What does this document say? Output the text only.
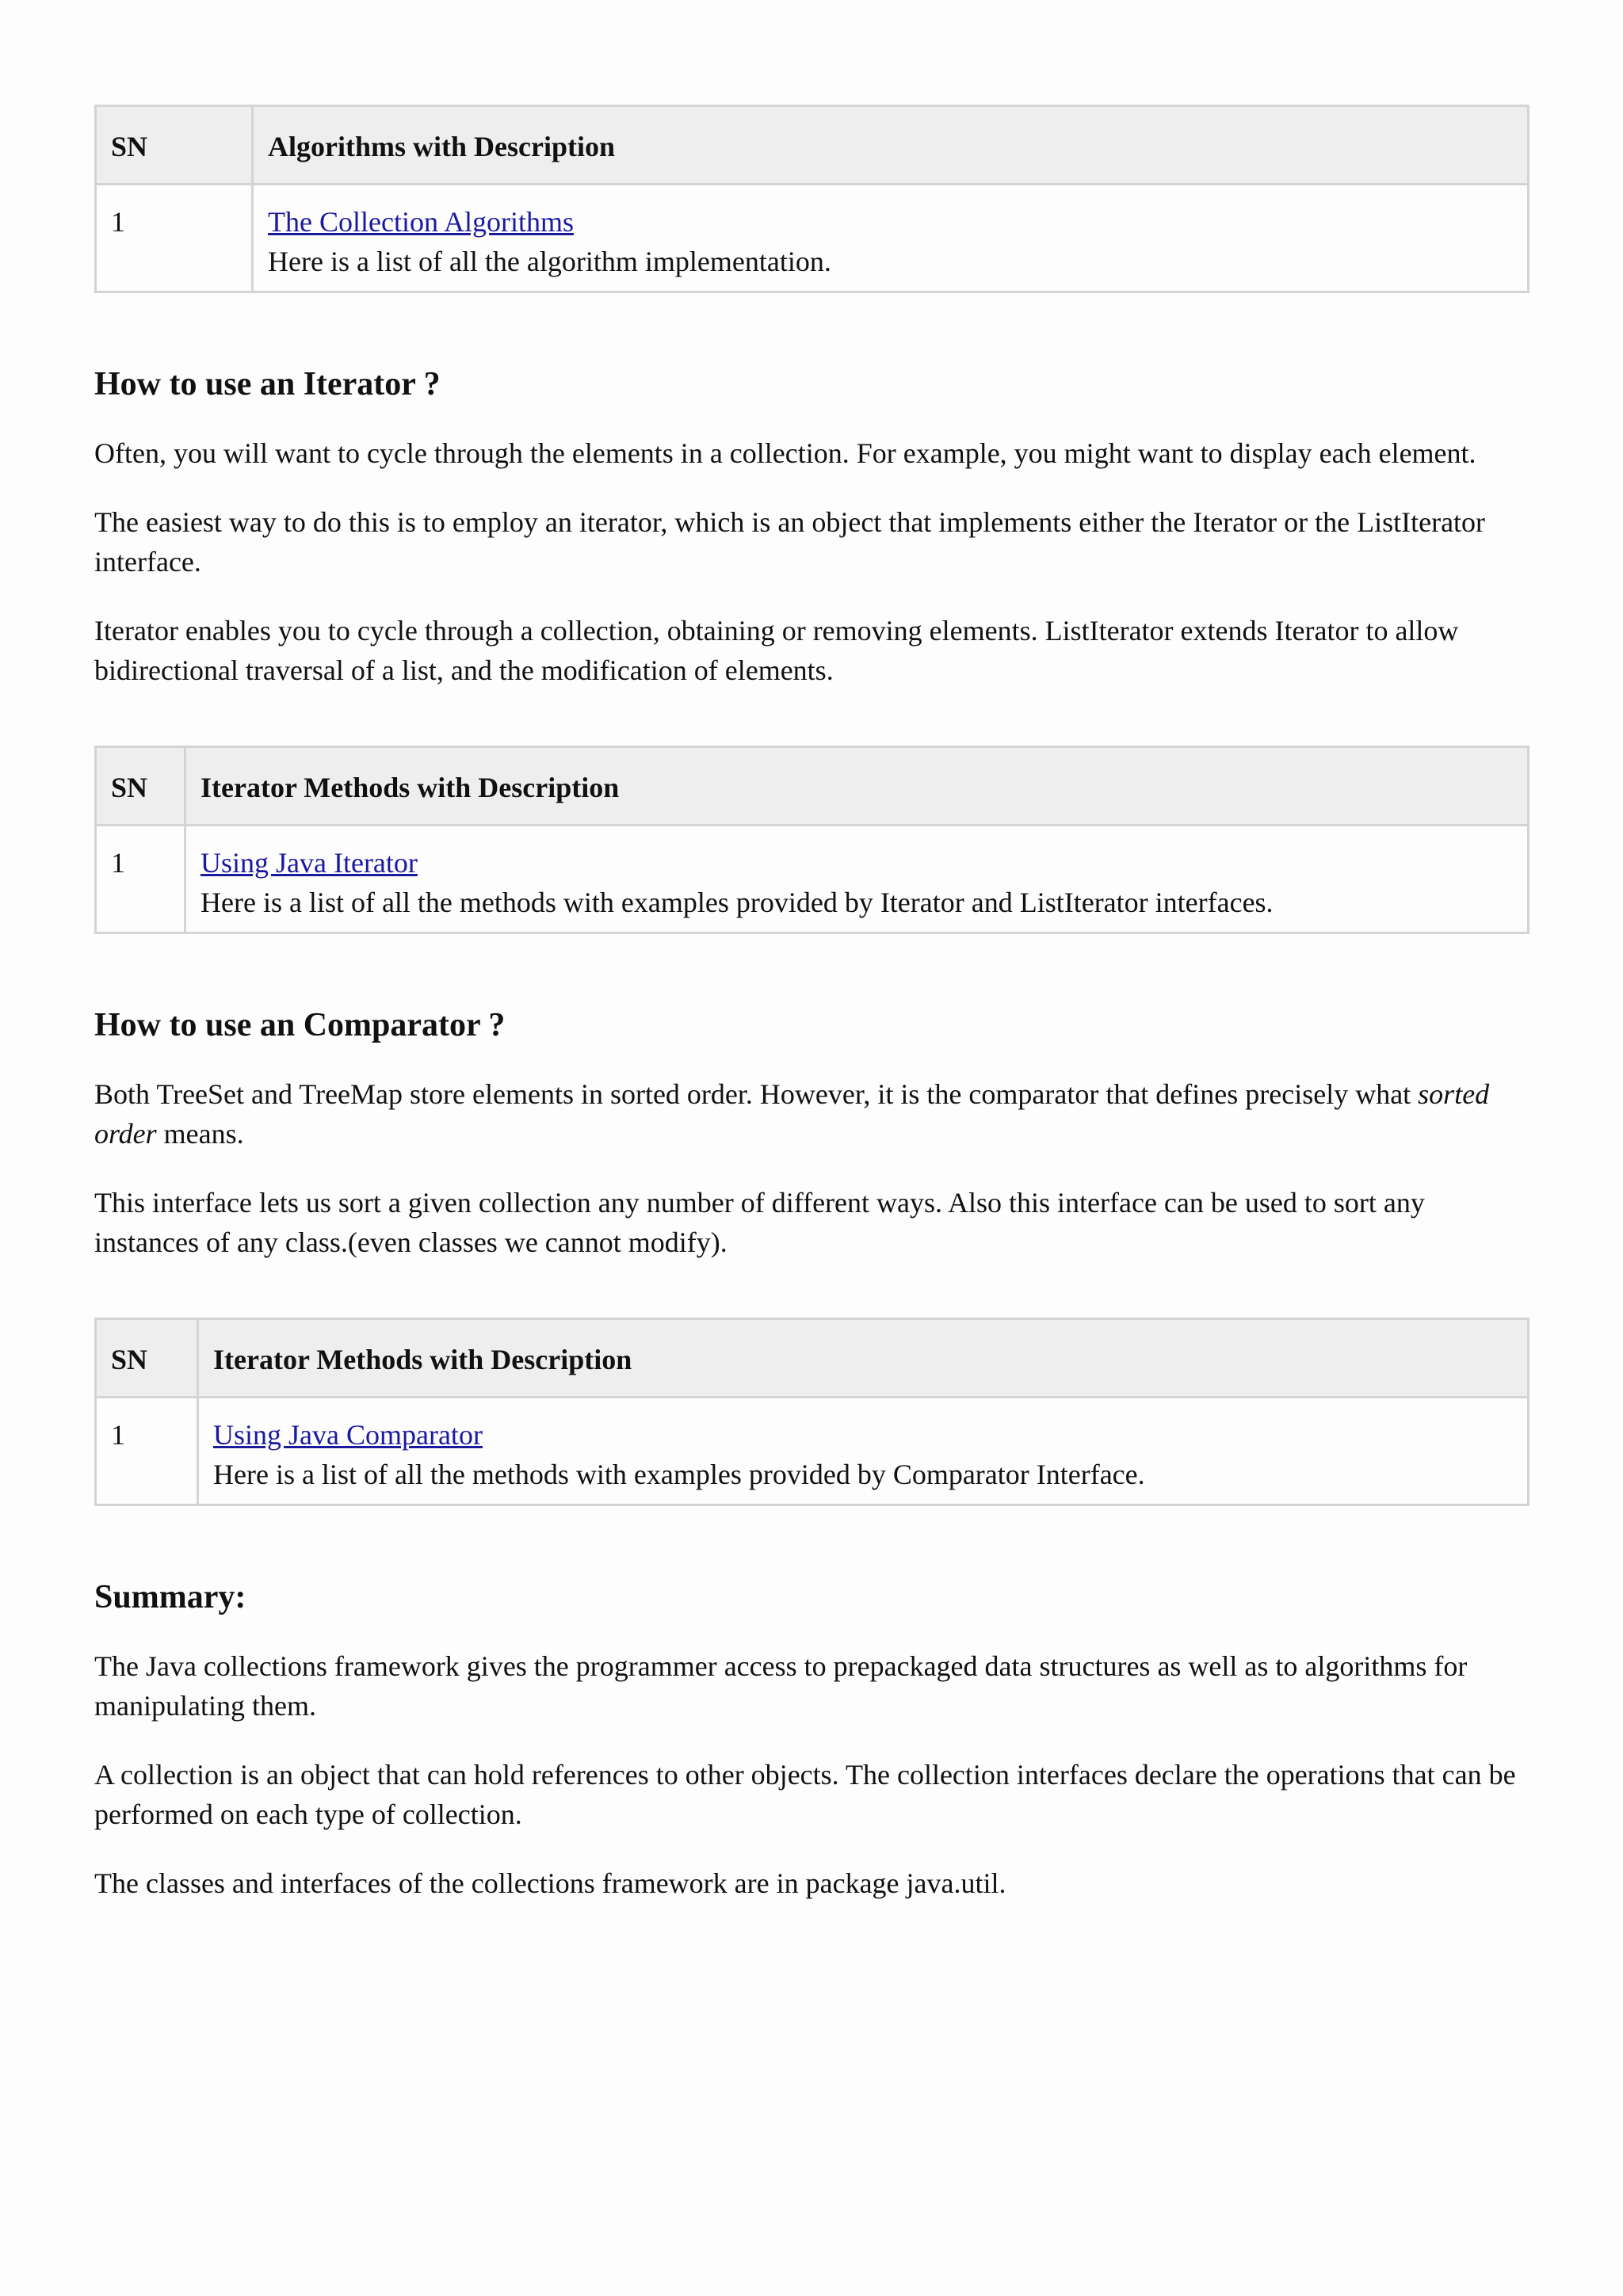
SN	Algorithms with Description
1	The Collection Algorithms
Here is a list of all the algorithm implementation.
How to use an Iterator ?

Often, you will want to cycle through the elements in a collection. For example, you might want to display each element.

The easiest way to do this is to employ an iterator, which is an object that implements either the Iterator or the ListIterator interface.

Iterator enables you to cycle through a collection, obtaining or removing elements. ListIterator extends Iterator to allow bidirectional traversal of a list, and the modification of elements.

SN	Iterator Methods with Description
1	Using Java Iterator
Here is a list of all the methods with examples provided by Iterator and ListIterator interfaces.
How to use an Comparator ?

Both TreeSet and TreeMap store elements in sorted order. However, it is the comparator that defines precisely what sorted order means.

This interface lets us sort a given collection any number of different ways. Also this interface can be used to sort any instances of any class.(even classes we cannot modify).

SN	Iterator Methods with Description
1	Using Java Comparator
Here is a list of all the methods with examples provided by Comparator Interface.
Summary:

The Java collections framework gives the programmer access to prepackaged data structures as well as to algorithms for manipulating them.

A collection is an object that can hold references to other objects. The collection interfaces declare the operations that can be performed on each type of collection.

The classes and interfaces of the collections framework are in package java.util.
